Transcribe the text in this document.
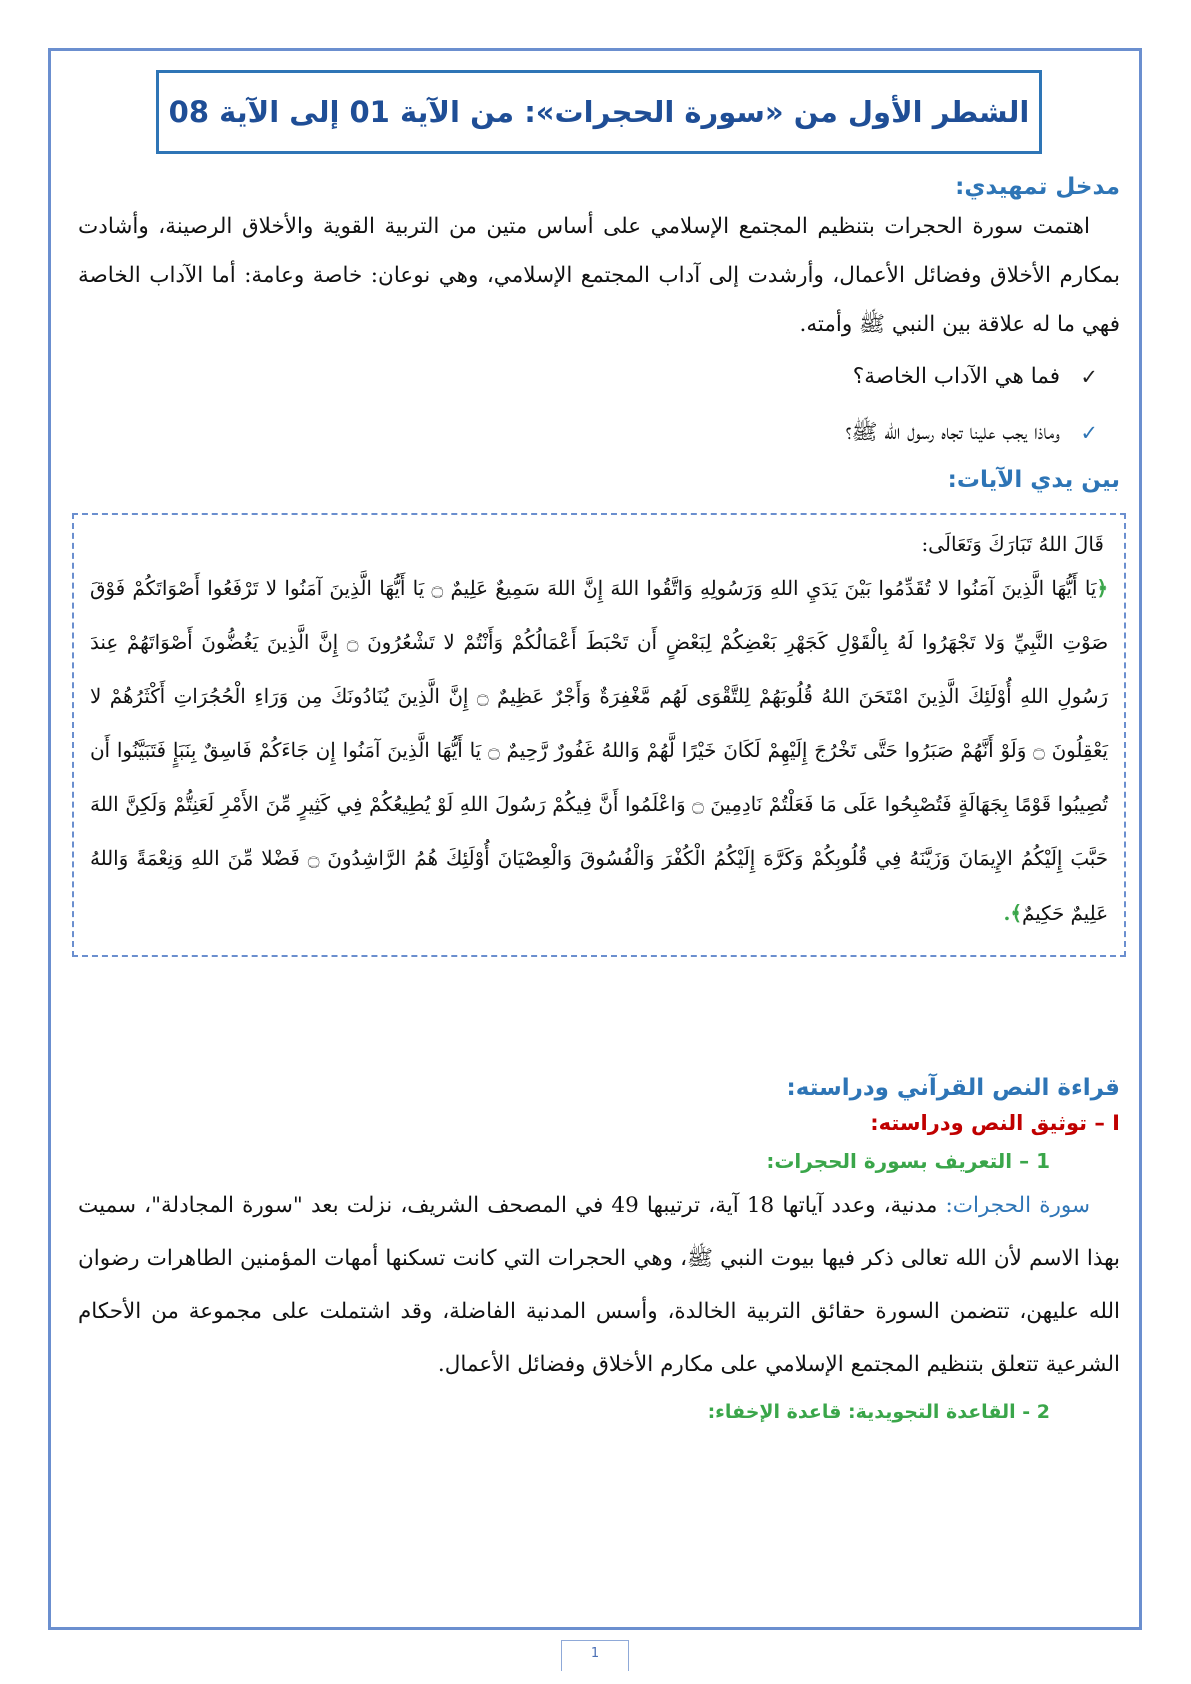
الشطر الأول من «سورة الحجرات»: من الآية 01 إلى الآية 08
مدخل تمهيدي:

اهتمت سورة الحجرات بتنظيم المجتمع الإسلامي على أساس متين من التربية القوية والأخلاق الرصينة، وأشادت بمكارم الأخلاق وفضائل الأعمال، وأرشدت إلى آداب المجتمع الإسلامي، وهي نوعان: خاصة وعامة: أما الآداب الخاصة فهي ما له علاقة بين النبي ﷺ وأمته.

✓
فما هي الآداب الخاصة؟
✓
وماذا يجب علينا تجاه رسول الله ﷺ؟
بين يدي الآيات:
قَالَ اللهُ تَبَارَكَ وَتَعَالَى:

﴿يَا أَيُّهَا الَّذِينَ آمَنُوا لا تُقَدِّمُوا بَيْنَ يَدَيِ اللهِ وَرَسُولِهِ وَاتَّقُوا اللهَ إِنَّ اللهَ سَمِيعٌ عَلِيمٌ ۝ يَا أَيُّهَا الَّذِينَ آمَنُوا لا تَرْفَعُوا أَصْوَاتَكُمْ فَوْقَ صَوْتِ النَّبِيِّ وَلا تَجْهَرُوا لَهُ بِالْقَوْلِ كَجَهْرِ بَعْضِكُمْ لِبَعْضٍ أَن تَحْبَطَ أَعْمَالُكُمْ وَأَنْتُمْ لا تَشْعُرُونَ ۝ إِنَّ الَّذِينَ يَغُضُّونَ أَصْوَاتَهُمْ عِندَ رَسُولِ اللهِ أُوْلَئِكَ الَّذِينَ امْتَحَنَ اللهُ قُلُوبَهُمْ لِلتَّقْوَى لَهُم مَّغْفِرَةٌ وَأَجْرٌ عَظِيمٌ ۝ إِنَّ الَّذِينَ يُنَادُونَكَ مِن وَرَاءِ الْحُجُرَاتِ أَكْثَرُهُمْ لا يَعْقِلُونَ ۝ وَلَوْ أَنَّهُمْ صَبَرُوا حَتَّى تَخْرُجَ إِلَيْهِمْ لَكَانَ خَيْرًا لَّهُمْ وَاللهُ غَفُورٌ رَّحِيمٌ ۝ يَا أَيُّهَا الَّذِينَ آمَنُوا إِن جَاءَكُمْ فَاسِقٌ بِنَبَإٍ فَتَبَيَّنُوا أَن تُصِيبُوا قَوْمًا بِجَهَالَةٍ فَتُصْبِحُوا عَلَى مَا فَعَلْتُمْ نَادِمِينَ ۝ وَاعْلَمُوا أَنَّ فِيكُمْ رَسُولَ اللهِ لَوْ يُطِيعُكُمْ فِي كَثِيرٍ مِّنَ الأَمْرِ لَعَنِتُّمْ وَلَكِنَّ اللهَ حَبَّبَ إِلَيْكُمُ الإِيمَانَ وَزَيَّنَهُ فِي قُلُوبِكُمْ وَكَرَّهَ إِلَيْكُمُ الْكُفْرَ وَالْفُسُوقَ وَالْعِصْيَانَ أُوْلَئِكَ هُمُ الرَّاشِدُونَ ۝ فَضْلا مِّنَ اللهِ وَنِعْمَةً وَاللهُ عَلِيمٌ حَكِيمٌ﴾.

قراءة النص القرآني ودراسته:
I – توثيق النص ودراسته:
1 – التعريف بسورة الحجرات:

سورة الحجرات: مدنية، وعدد آياتها 18 آية، ترتيبها 49 في المصحف الشريف، نزلت بعد "سورة المجادلة"، سميت بهذا الاسم لأن الله تعالى ذكر فيها بيوت النبي ﷺ، وهي الحجرات التي كانت تسكنها أمهات المؤمنين الطاهرات رضوان الله عليهن، تتضمن السورة حقائق التربية الخالدة، وأسس المدنية الفاضلة، وقد اشتملت على مجموعة من الأحكام الشرعية تتعلق بتنظيم المجتمع الإسلامي على مكارم الأخلاق وفضائل الأعمال.

2 - القاعدة التجويدية: قاعدة الإخفاء:
1
